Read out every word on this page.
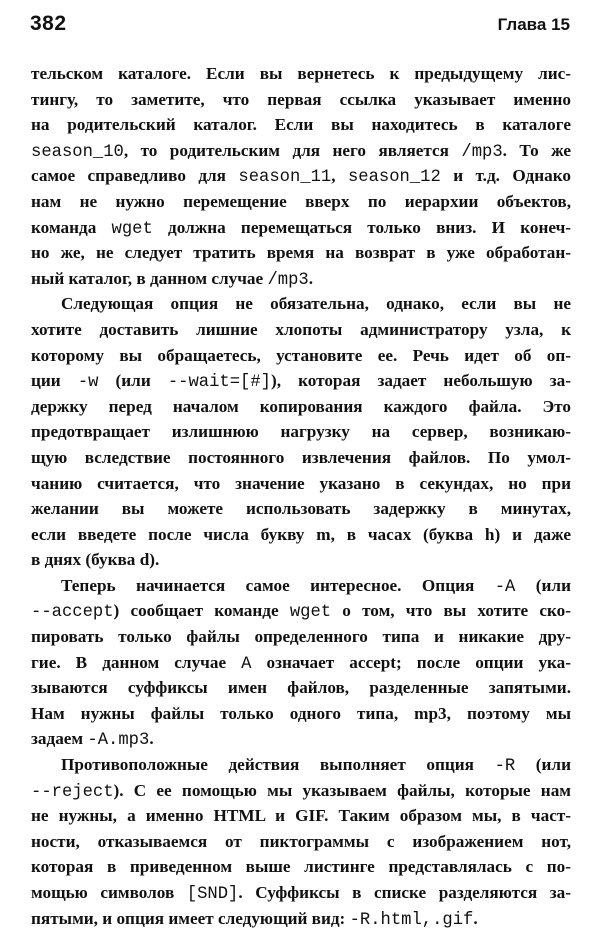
382	Глава 15
тельском каталоге. Если вы вернетесь к предыдущему лис-
тингу, то заметите, что первая ссылка указывает именно
на родительский каталог. Если вы находитесь в каталоге
season_10, то родительским для него является /mp3. То же
самое справедливо для season_11, season_12 и т.д. Однако
нам не нужно перемещение вверх по иерархии объектов,
команда wget должна перемещаться только вниз. И конеч-
но же, не следует тратить время на возврат в уже обработан-
ный каталог, в данном случае /mp3.
Следующая опция не обязательна, однако, если вы не
хотите доставить лишние хлопоты администратору узла, к
которому вы обращаетесь, установите ее. Речь идет об оп-
ции -w (или --wait=[#]), которая задает небольшую за-
держку перед началом копирования каждого файла. Это
предотвращает излишнюю нагрузку на сервер, возникаю-
щую вследствие постоянного извлечения файлов. По умол-
чанию считается, что значение указано в секундах, но при
желании вы можете использовать задержку в минутах,
если введете после числа букву m, в часах (буква h) и даже
в днях (буква d).
Теперь начинается самое интересное. Опция -A (или
--accept) сообщает команде wget о том, что вы хотите ско-
пировать только файлы определенного типа и никакие дру-
гие. В данном случае A означает accept; после опции ука-
зываются суффиксы имен файлов, разделенные запятыми.
Нам нужны файлы только одного типа, mp3, поэтому мы
задаем -A.mp3.
Противоположные действия выполняет опция -R (или
--reject). С ее помощью мы указываем файлы, которые нам
не нужны, а именно HTML и GIF. Таким образом мы, в част-
ности, отказываемся от пиктограммы с изображением нот,
которая в приведенном выше листинге представлялась с по-
мощью символов [SND]. Суффиксы в списке разделяются за-
пятыми, и опция имеет следующий вид: -R.html,.gif.
